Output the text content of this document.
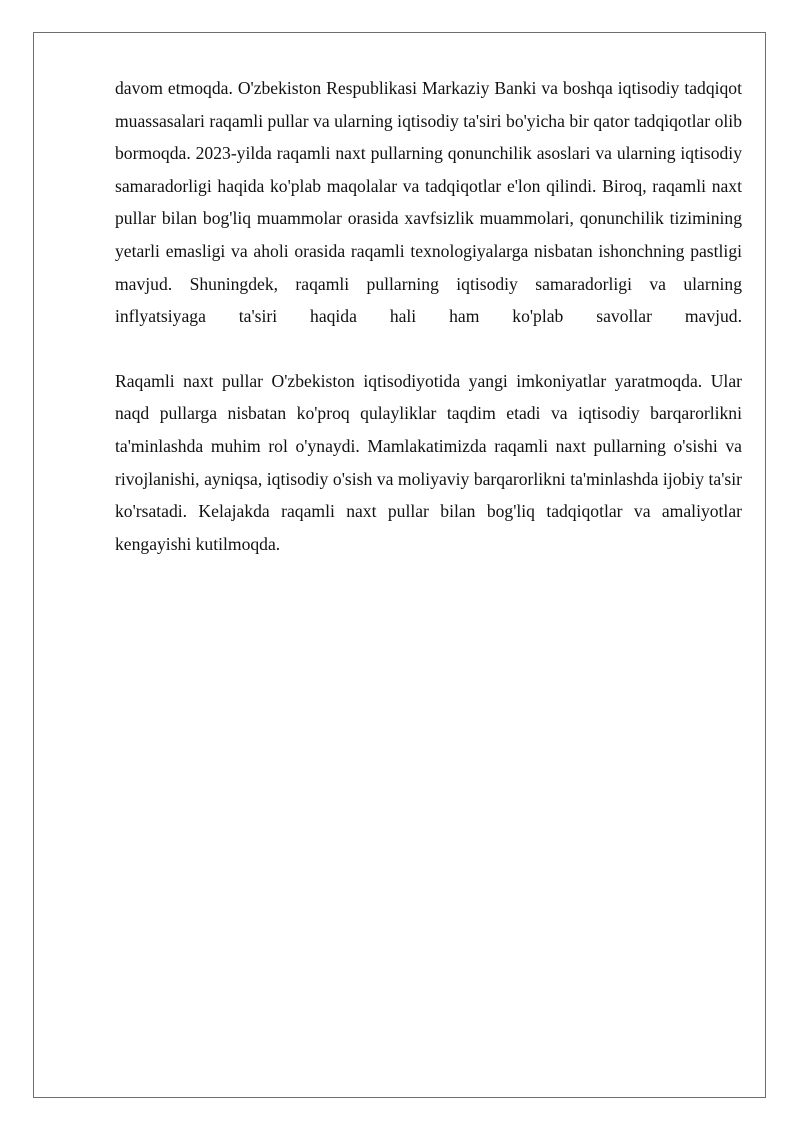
davom etmoqda. O'zbekiston Respublikasi Markaziy Banki va boshqa iqtisodiy tadqiqot muassasalari raqamli pullar va ularning iqtisodiy ta'siri bo'yicha bir qator tadqiqotlar olib bormoqda. 2023-yilda raqamli naxt pullarning qonunchilik asoslari va ularning iqtisodiy samaradorligi haqida ko'plab maqolalar va tadqiqotlar e'lon qilindi. Biroq, raqamli naxt pullar bilan bog'liq muammolar orasida xavfsizlik muammolari, qonunchilik tizimining yetarli emasligi va aholi orasida raqamli texnologiyalarga nisbatan ishonchning pastligi mavjud. Shuningdek, raqamli pullarning iqtisodiy samaradorligi va ularning inflyatsiyaga ta'siri haqida hali ham ko'plab savollar mavjud.

Raqamli naxt pullar O'zbekiston iqtisodiyotida yangi imkoniyatlar yaratmoqda. Ular naqd pullarga nisbatan ko'proq qulayliklar taqdim etadi va iqtisodiy barqarorlikni ta'minlashda muhim rol o'ynaydi. Mamlakatimizda raqamli naxt pullarning o'sishi va rivojlanishi, ayniqsa, iqtisodiy o'sish va moliyaviy barqarorlikni ta'minlashda ijobiy ta'sir ko'rsatadi. Kelajakda raqamli naxt pullar bilan bog'liq tadqiqotlar va amaliyotlar kengayishi kutilmoqda.
